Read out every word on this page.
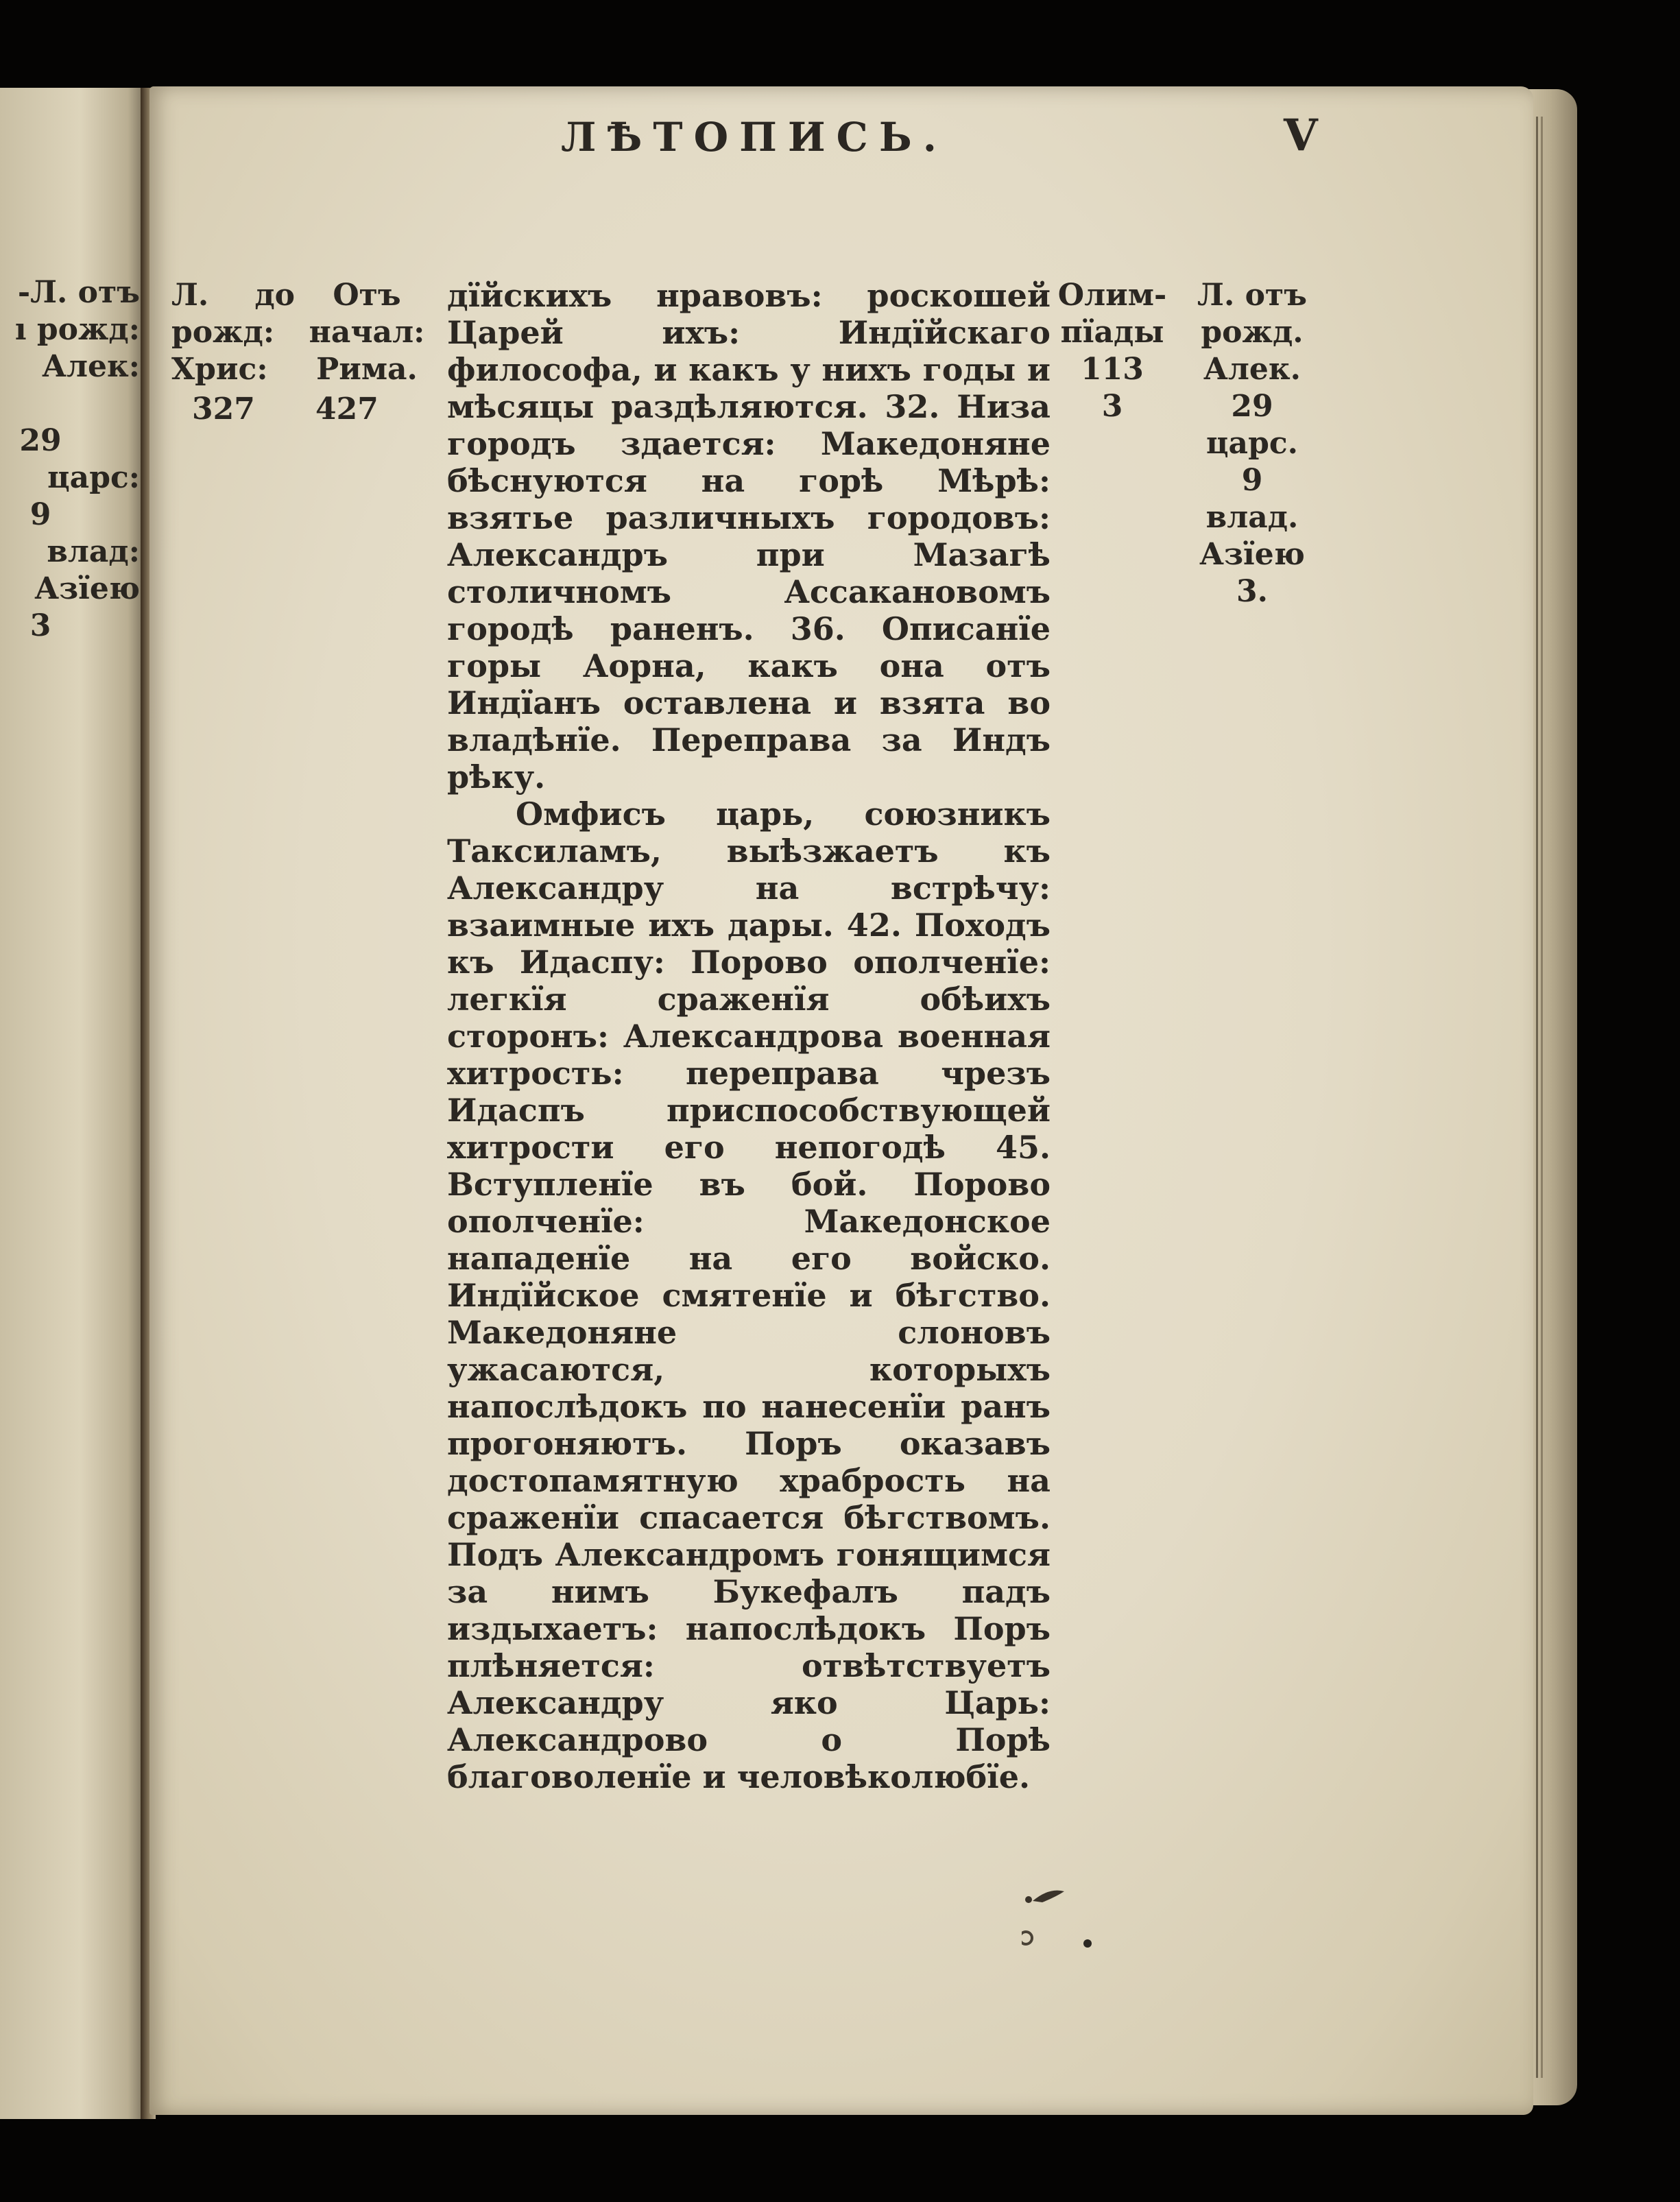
-Л. отъ
ı рожд:
Алек:
29
царс:
9
влад:
Азїею
3
ЛѢТОПИСЬ.	V
Л. до
рожд:
Хрис:
327
Отъ
начал:
Рима.
427

дїйскихъ нравовъ: роскошей Царей ихъ: Индїйскаго философа, и какъ у нихъ годы и мѣсяцы раздѣляются. 32. Низа городъ здается: Македоняне бѣснуются на горѣ Мѣрѣ: взятье различныхъ городовъ: Александръ при Мазагѣ столичномъ Ассакановомъ городѣ раненъ. 36. Описанїе горы Аорна, какъ она отъ Индїанъ оставлена и взята во владѣнїе. Переправа за Индъ рѣку.

Омфисъ царь, союзникъ Таксиламъ, выѣзжаетъ къ Александру на встрѣчу: взаимные ихъ дары. 42. Походъ къ Идаспу: Порово ополченїе: легкїя сраженїя обѣихъ сторонъ: Александрова военная хитрость: переправа чрезъ Идаспъ приспособствующей хитрости его непогодѣ 45. Вступленїе въ бой. Порово ополченїе: Македонское нападенїе на его войско. Индїйское смятенїе и бѣгство. Македоняне слоновъ ужасаются, которыхъ напослѣдокъ по нанесенїи ранъ прогоняютъ. Поръ оказавъ достопамятную храбрость на сраженїи спасается бѣгствомъ. Подъ Александромъ гонящимся за нимъ Букефалъ падъ издыхаетъ: напослѣдокъ Поръ плѣняется: отвѣтствуетъ Александру яко Царь: Александрово о Порѣ благоволенїе и человѣколюбїе.

Олим-
пїады
113
3
Л. отъ
рожд.
Алек.
29
царс.
9
влад.
Азїею
3.
